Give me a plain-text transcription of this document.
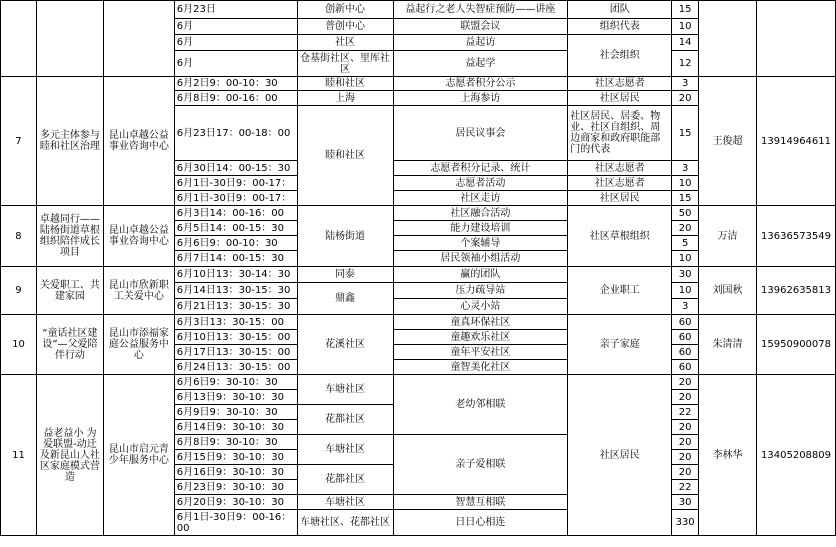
			6月23日	创新中心	益起行之老人失智症预防——讲座	团队	15		
			6月	普创中心	联盟会议	组织代表	10		
			6月	社区	益起访	社会组织	14		
			6月	仓基街社区、里厍社区	益起学		12		
7	多元主体参与睦和社区治理	昆山卓越公益事业咨询中心	6月2日9：00-10：30	睦和社区	志愿者积分公示	社区志愿者	3	王俊超	13914964611
			6月8日9：00-16：00	上海	上海参访	社区居民	20		
			6月23日17：00-18：00	睦和社区	居民议事会	社区居民、居委、物业、社区自组织、周边商家和政府职能部门的代表	15		
			6月30日14：00-15：30		志愿者积分记录、统计	社区志愿者	3		
			6月1日-30日9：00-17：		志愿者活动	社区志愿者	10		
			6月1日-30日9：00-17：		社区走访	社区居民	15		
8	卓越同行——陆杨街道草根组织陪伴成长项目	昆山卓越公益事业咨询中心	6月3日14：00-16：00	陆杨街道	社区融合活动	社区草根组织	50	万洁	13636573549
			6月5日14：00-15：30		能力建设培训		20		
			6月6日9：00-10：30		个案辅导		5		
			6月7日14：00-15：30		居民领袖小组活动		10		
9	关爱职工、共建家园	昆山市欣新职工关爱中心	6月10日13：30-14：30	同泰	赢的团队	企业职工	30	刘国秋	13962635813
			6月14日13：30-15：30	鼎鑫	压力疏导站		10		
			6月21日13：30-15：30		心灵小站		3		
10	“童话社区建设”—父爱陪伴行动	昆山市添福家庭公益服务中心	6月3日13：30-15：00	花溪社区	童真环保社区	亲子家庭	60	朱清清	15950900078
			6月10日13：30-15：00		童趣欢乐社区		60		
			6月17日13：30-15：00		童年平安社区		60		
			6月24日13：30-15：00		童智美化社区		60		
11	益老益小 为爱联盟-动迁及新昆山人社区家庭模式营造	昆山市启元青少年服务中心	6月6日9：30-10：30	车塘社区	老幼邻相联	社区居民	20	李林华	13405208809
			6月13日9：30-10：30				20		
			6月9日9：30-10：30	花都社区			22		
			6月14日9：30-10：30				20		
			6月8日9：30-10：30	车塘社区	亲子爱相联		20		
			6月15日9：30-10：30				20		
			6月16日9：30-10：30	花都社区			20		
			6月23日9：30-10：30				22		
			6月20日9：30-10：30	车塘社区	智慧互相联		30		
			6月1日-30日9：00-16：00	车塘社区、花都社区	日日心相连		330		
